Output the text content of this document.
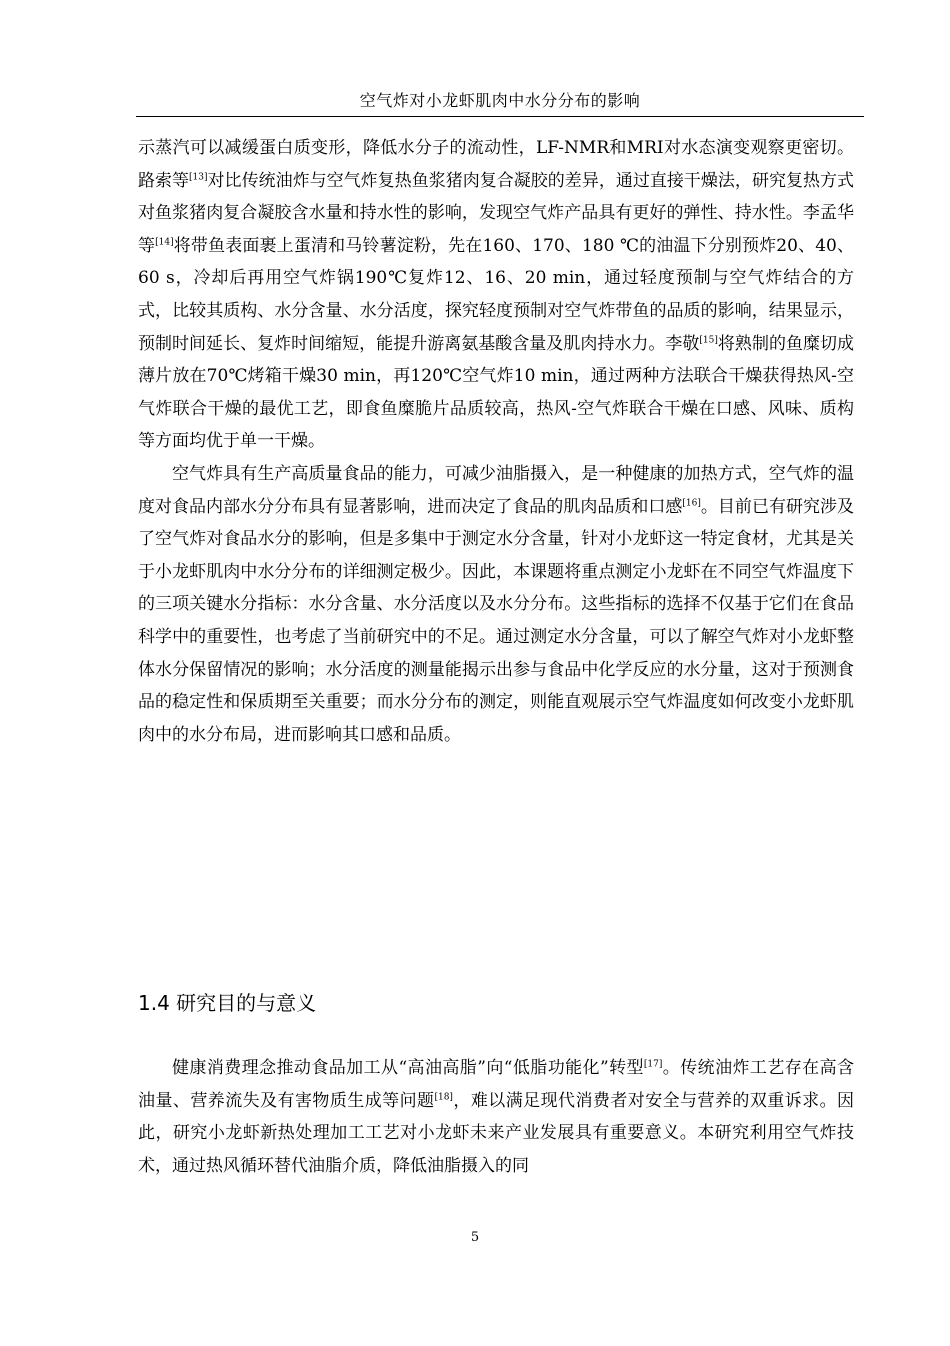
空气炸对小龙虾肌肉中水分分布的影响

示蒸汽可以减缓蛋白质变形，降低水分子的流动性，LF-NMR和MRI对水态演变观察更密切。路索等[13]对比传统油炸与空气炸复热鱼浆猪肉复合凝胶的差异，通过直接干燥法，研究复热方式对鱼浆猪肉复合凝胶含水量和持水性的影响，发现空气炸产品具有更好的弹性、持水性。李孟华等[14]将带鱼表面裹上蛋清和马铃薯淀粉，先在160、170、180 ℃的油温下分别预炸20、40、60 s，冷却后再用空气炸锅190℃复炸12、16、20 min，通过轻度预制与空气炸结合的方式，比较其质构、水分含量、水分活度，探究轻度预制对空气炸带鱼的品质的影响，结果显示，预制时间延长、复炸时间缩短，能提升游离氨基酸含量及肌肉持水力。李敬[15]将熟制的鱼糜切成薄片放在70℃烤箱干燥30 min，再120℃空气炸10 min，通过两种方法联合干燥获得热风-空气炸联合干燥的最优工艺，即食鱼糜脆片品质较高，热风-空气炸联合干燥在口感、风味、质构等方面均优于单一干燥。

空气炸具有生产高质量食品的能力，可减少油脂摄入，是一种健康的加热方式，空气炸的温度对食品内部水分分布具有显著影响，进而决定了食品的肌肉品质和口感[16]。目前已有研究涉及了空气炸对食品水分的影响，但是多集中于测定水分含量，针对小龙虾这一特定食材，尤其是关于小龙虾肌肉中水分分布的详细测定极少。因此，本课题将重点测定小龙虾在不同空气炸温度下的三项关键水分指标：水分含量、水分活度以及水分分布。这些指标的选择不仅基于它们在食品科学中的重要性，也考虑了当前研究中的不足。通过测定水分含量，可以了解空气炸对小龙虾整体水分保留情况的影响；水分活度的测量能揭示出参与食品中化学反应的水分量，这对于预测食品的稳定性和保质期至关重要；而水分分布的测定，则能直观展示空气炸温度如何改变小龙虾肌肉中的水分布局，进而影响其口感和品质。

1.4 研究目的与意义

健康消费理念推动食品加工从“高油高脂”向“低脂功能化”转型[17]。传统油炸工艺存在高含油量、营养流失及有害物质生成等问题[18]，难以满足现代消费者对安全与营养的双重诉求。因此，研究小龙虾新热处理加工工艺对小龙虾未来产业发展具有重要意义。本研究利用空气炸技术，通过热风循环替代油脂介质，降低油脂摄入的同

5
